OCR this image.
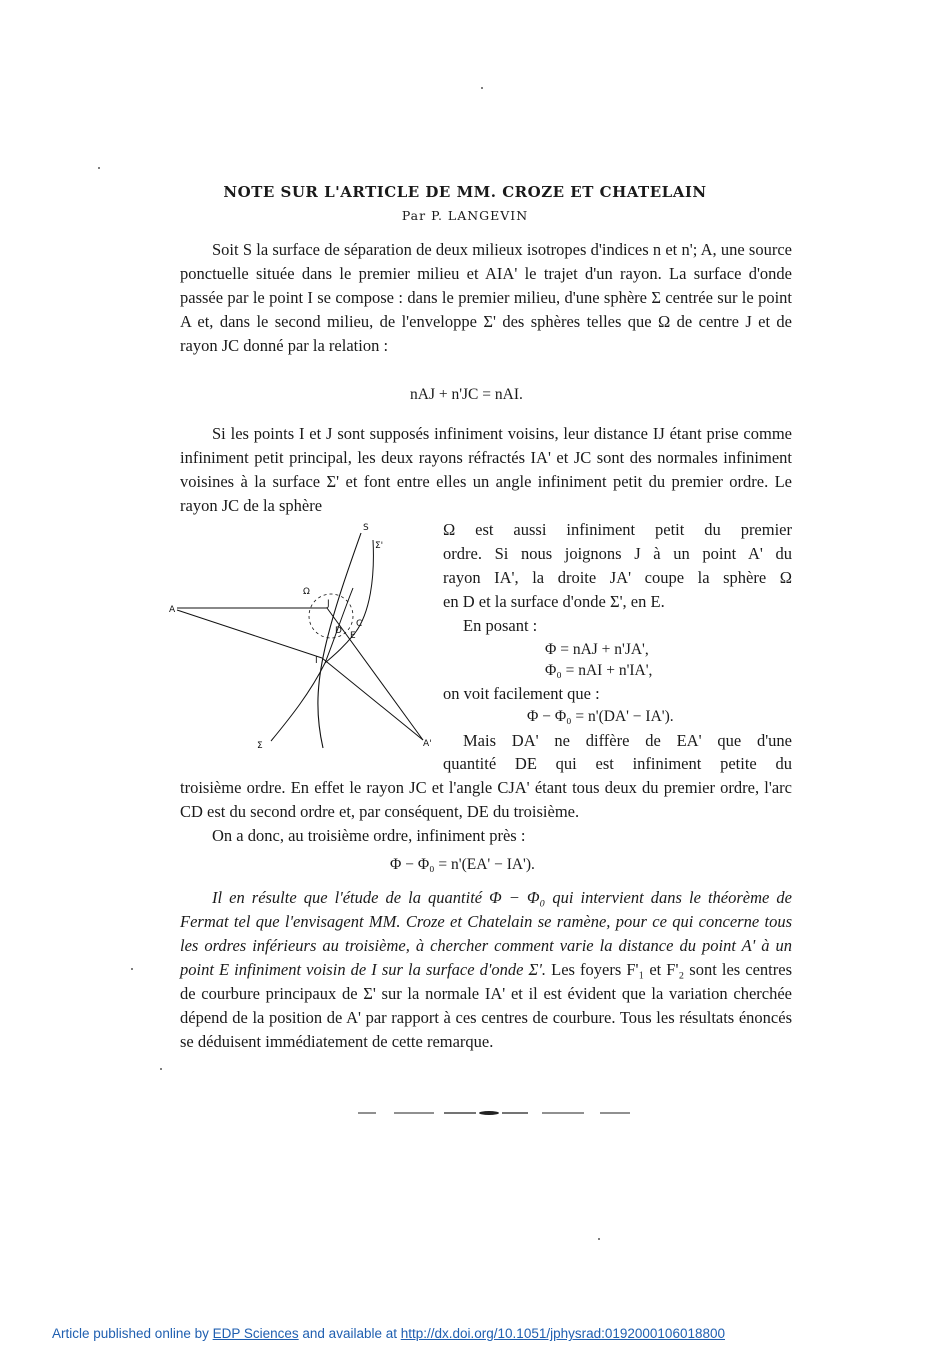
NOTE SUR L'ARTICLE DE MM. CROZE ET CHATELAIN
Par P. LANGEVIN

Soit S la surface de séparation de deux milieux isotropes d'indices n et n'; A, une source ponctuelle située dans le premier milieu et AIA' le trajet d'un rayon. La surface d'onde passée par le point I se compose : dans le premier milieu, d'une sphère Σ centrée sur le point A et, dans le second milieu, de l'enveloppe Σ' des sphères telles que Ω de centre J et de rayon JC donné par la relation :

nAJ + n'JC = nAI.

Si les points I et J sont supposés infiniment voisins, leur distance IJ étant prise comme infiniment petit principal, les deux rayons réfractés IA' et JC sont des normales infiniment voisines à la surface Σ' et font entre elles un angle infiniment petit du premier ordre. Le rayon JC de la sphère

S
Σ'
Ω
J
A
D
C
E
I
Σ	A'
Ω est aussi infiniment petit du premier
ordre. Si nous joignons J à un point A' du
rayon IA', la droite JA' coupe la sphère Ω
en D et la surface d'onde Σ', en E.
En posant :
Φ = nAJ + n'JA',
Φ₀ = nAI + n'IA',
on voit facilement que :
Φ − Φ₀ = n'(DA' − IA').
Mais DA' ne diffère de EA' que d'une
quantité DE qui est infiniment petite du

troisième ordre. En effet le rayon JC et l'angle CJA' étant tous deux du premier ordre, l'arc CD est du second ordre et, par conséquent, DE du troisième.

On a donc, au troisième ordre, infiniment près :

Φ − Φ₀ = n'(EA' − IA').

Il en résulte que l'étude de la quantité Φ − Φ₀ qui intervient dans le théorème de Fermat tel que l'envisagent MM. Croze et Chatelain se ramène, pour ce qui concerne tous les ordres inférieurs au troisième, à chercher comment varie la distance du point A' à un point E infiniment voisin de I sur la surface d'onde Σ'. Les foyers F'₁ et F'₂ sont les centres de courbure principaux de Σ' sur la normale IA' et il est évident que la variation cherchée dépend de la position de A' par rapport à ces centres de courbure. Tous les résultats énoncés se déduisent immédiatement de cette remarque.

Article published online by EDP Sciences and available at http://dx.doi.org/10.1051/jphysrad:0192000106018800
